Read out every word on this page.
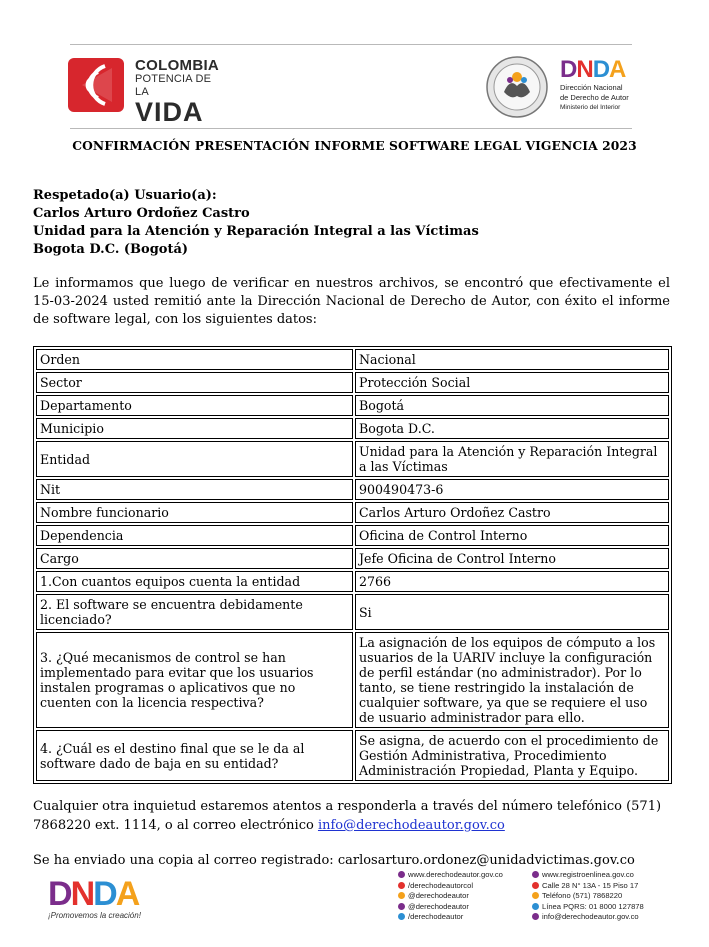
COLOMBIA
POTENCIA DE LA
VIDA
DNDA
Dirección Nacional
de Derecho de Autor
Ministerio del Interior
CONFIRMACIÓN PRESENTACIÓN INFORME SOFTWARE LEGAL VIGENCIA 2023
Respetado(a) Usuario(a):
Carlos Arturo Ordoñez Castro
Unidad para la Atención y Reparación Integral a las Víctimas
Bogota D.C. (Bogotá)
Le informamos que luego de verificar en nuestros archivos, se encontró que efectivamente el 15-03-2024 usted remitió ante la Dirección Nacional de Derecho de Autor, con éxito el informe de software legal, con los siguientes datos:
Orden	Nacional
Sector	Protección Social
Departamento	Bogotá
Municipio	Bogota D.C.
Entidad	Unidad para la Atención y Reparación Integral a las Víctimas
Nit	900490473-6
Nombre funcionario	Carlos Arturo Ordoñez Castro
Dependencia	Oficina de Control Interno
Cargo	Jefe Oficina de Control Interno
1.Con cuantos equipos cuenta la entidad	2766
2. El software se encuentra debidamente licenciado?	Si
3. ¿Qué mecanismos de control se han implementado para evitar que los usuarios instalen programas o aplicativos que no cuenten con la licencia respectiva?	La asignación de los equipos de cómputo a los usuarios de la UARIV incluye la configuración de perfil estándar (no administrador). Por lo tanto, se tiene restringido la instalación de cualquier software, ya que se requiere el uso de usuario administrador para ello.
4. ¿Cuál es el destino final que se le da al software dado de baja en su entidad?	Se asigna, de acuerdo con el procedimiento de Gestión Administrativa, Procedimiento Administración Propiedad, Planta y Equipo.
Cualquier otra inquietud estaremos atentos a responderla a través del número telefónico (571) 7868220 ext. 1114, o al correo electrónico info@derechodeautor.gov.co
Se ha enviado una copia al correo registrado: carlosarturo.ordonez@unidadvictimas.gov.co
DNDA
¡Promovemos la creación!
www.derechodeautor.gov.co
/derechodeautorcol
@derechodeautor
@derechodeautor
/derechodeautor
www.registroenlinea.gov.co
Calle 28 N° 13A - 15 Piso 17
Teléfono (571) 7868220
Línea PQRS: 01 8000 127878
info@derechodeautor.gov.co
